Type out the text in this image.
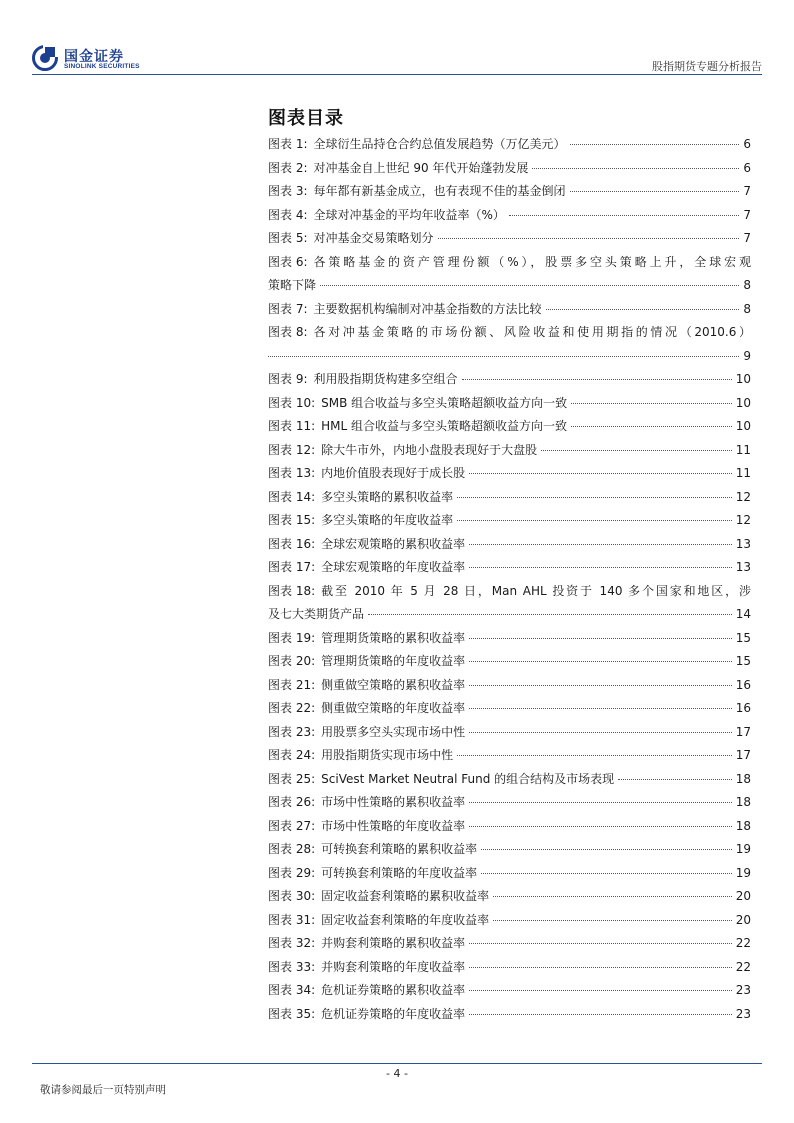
国金证券
SINOLINK SECURITIES	股指期货专题分析报告
图表目录
图表 1: 全球衍生品持仓合约总值发展趋势（万亿美元）	6
图表 2: 对冲基金自上世纪 90 年代开始蓬勃发展	6
图表 3: 每年都有新基金成立，也有表现不佳的基金倒闭	7
图表 4: 全球对冲基金的平均年收益率（%）	7
图表 5: 对冲基金交易策略划分	7
图表 6: 各策略基金的资产管理份额（%），股票多空头策略上升，全球宏观
策略下降	8
图表 7: 主要数据机构编制对冲基金指数的方法比较	8
图表 8: 各对冲基金策略的市场份额、风险收益和使用期指的情况（2010.6）
9
图表 9: 利用股指期货构建多空组合	10
图表 10: SMB 组合收益与多空头策略超额收益方向一致	10
图表 11: HML 组合收益与多空头策略超额收益方向一致	10
图表 12: 除大牛市外，内地小盘股表现好于大盘股	11
图表 13: 内地价值股表现好于成长股	11
图表 14: 多空头策略的累积收益率	12
图表 15: 多空头策略的年度收益率	12
图表 16: 全球宏观策略的累积收益率	13
图表 17: 全球宏观策略的年度收益率	13
图表 18: 截至 2010 年 5 月 28 日，Man AHL 投资于 140 多个国家和地区，涉
及七大类期货产品	14
图表 19: 管理期货策略的累积收益率	15
图表 20: 管理期货策略的年度收益率	15
图表 21: 侧重做空策略的累积收益率	16
图表 22: 侧重做空策略的年度收益率	16
图表 23: 用股票多空头实现市场中性	17
图表 24: 用股指期货实现市场中性	17
图表 25: SciVest Market Neutral Fund 的组合结构及市场表现	18
图表 26: 市场中性策略的累积收益率	18
图表 27: 市场中性策略的年度收益率	18
图表 28: 可转换套利策略的累积收益率	19
图表 29: 可转换套利策略的年度收益率	19
图表 30: 固定收益套利策略的累积收益率	20
图表 31: 固定收益套利策略的年度收益率	20
图表 32: 并购套利策略的累积收益率	22
图表 33: 并购套利策略的年度收益率	22
图表 34: 危机证券策略的累积收益率	23
图表 35: 危机证券策略的年度收益率	23
- 4 -
敬请参阅最后一页特别声明
